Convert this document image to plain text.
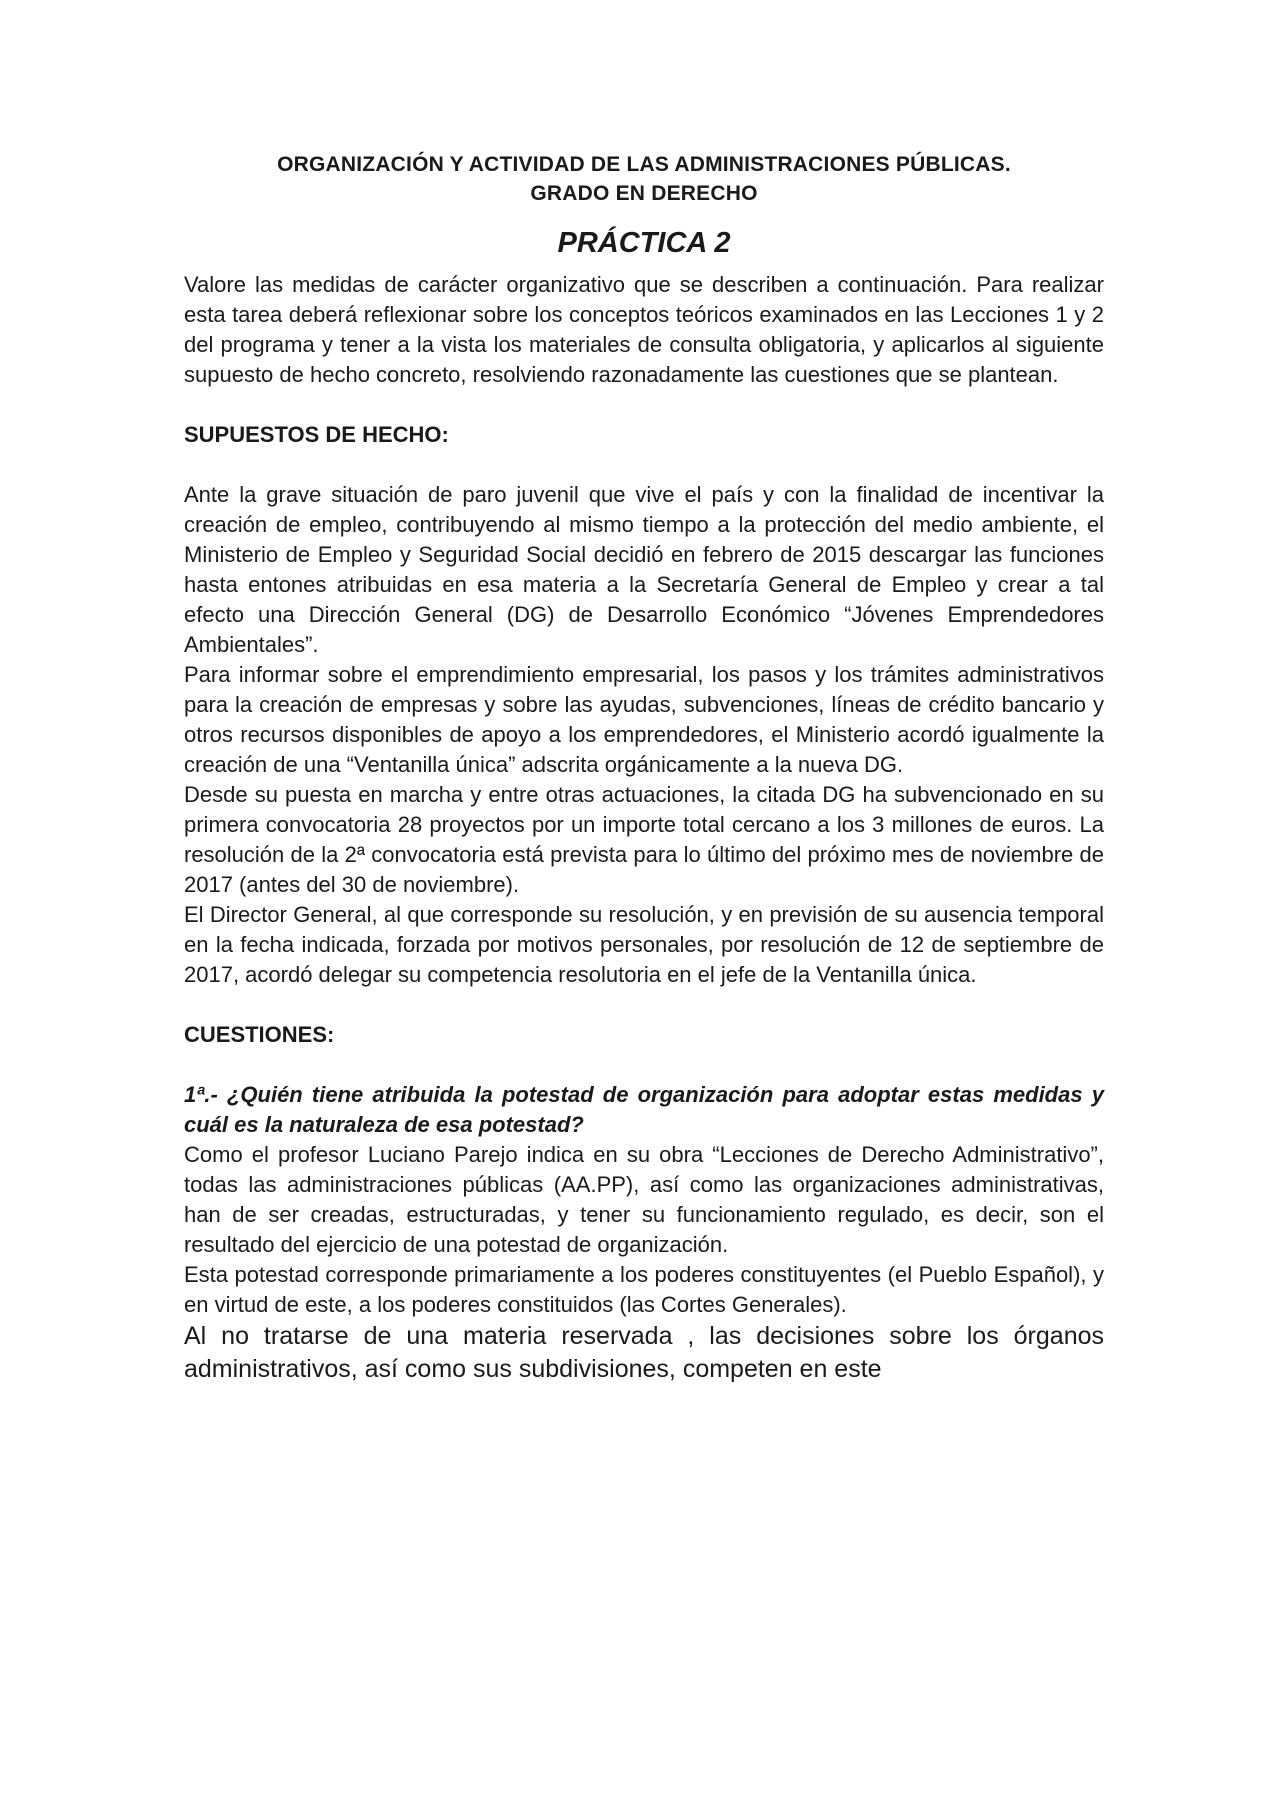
ORGANIZACIÓN Y ACTIVIDAD DE LAS ADMINISTRACIONES PÚBLICAS.
GRADO EN DERECHO
PRÁCTICA 2

Valore las medidas de carácter organizativo que se describen a continuación. Para realizar esta tarea deberá reflexionar sobre los conceptos teóricos examinados en las Lecciones 1 y 2 del programa y tener a la vista los materiales de consulta obligatoria, y aplicarlos al siguiente supuesto de hecho concreto, resolviendo razonadamente las cuestiones que se plantean.

SUPUESTOS DE HECHO:

Ante la grave situación de paro juvenil que vive el país y con la finalidad de incentivar la creación de empleo, contribuyendo al mismo tiempo a la protección del medio ambiente, el Ministerio de Empleo y Seguridad Social decidió en febrero de 2015 descargar las funciones hasta entones atribuidas en esa materia a la Secretaría General de Empleo y crear a tal efecto una Dirección General (DG) de Desarrollo Económico “Jóvenes Emprendedores Ambientales”.

Para informar sobre el emprendimiento empresarial, los pasos y los trámites administrativos para la creación de empresas y sobre las ayudas, subvenciones, líneas de crédito bancario y otros recursos disponibles de apoyo a los emprendedores, el Ministerio acordó igualmente la creación de una “Ventanilla única” adscrita orgánicamente a la nueva DG.

Desde su puesta en marcha y entre otras actuaciones, la citada DG ha subvencionado en su primera convocatoria 28 proyectos por un importe total cercano a los 3 millones de euros. La resolución de la 2ª convocatoria está prevista para lo último del próximo mes de noviembre de 2017 (antes del 30 de noviembre).

El Director General, al que corresponde su resolución, y en previsión de su ausencia temporal en la fecha indicada, forzada por motivos personales, por resolución de 12 de septiembre de 2017, acordó delegar su competencia resolutoria en el jefe de la Ventanilla única.

CUESTIONES:
1ª.- ¿Quién tiene atribuida la potestad de organización para adoptar estas medidas y cuál es la naturaleza de esa potestad?

Como el profesor Luciano Parejo indica en su obra “Lecciones de Derecho Administrativo”, todas las administraciones públicas (AA.PP), así como las organizaciones administrativas, han de ser creadas, estructuradas, y tener su funcionamiento regulado, es decir, son el resultado del ejercicio de una potestad de organización.

Esta potestad corresponde primariamente a los poderes constituyentes (el Pueblo Español), y en virtud de este, a los poderes constituidos (las Cortes Generales).

Al no tratarse de una materia reservada , las decisiones sobre los órganos administrativos, así como sus subdivisiones, competen en este
